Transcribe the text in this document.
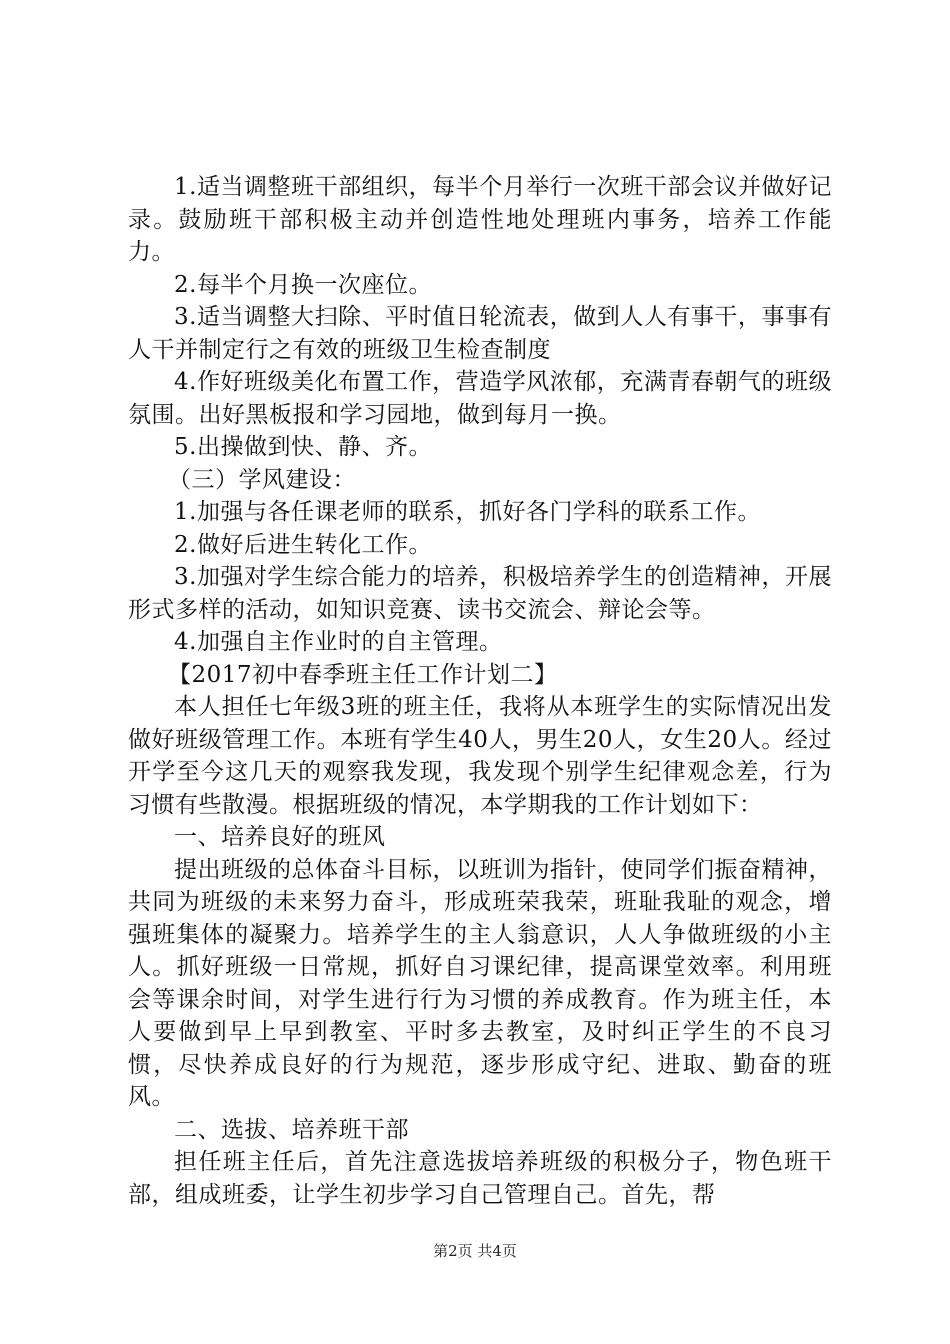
1.适当调整班干部组织，每半个月举行一次班干部会议并做好记录。鼓励班干部积极主动并创造性地处理班内事务，培养工作能力。

2.每半个月换一次座位。

3.适当调整大扫除、平时值日轮流表，做到人人有事干，事事有人干并制定行之有效的班级卫生检查制度

4.作好班级美化布置工作，营造学风浓郁，充满青春朝气的班级氛围。出好黑板报和学习园地，做到每月一换。

5.出操做到快、静、齐。

（三）学风建设：

1.加强与各任课老师的联系，抓好各门学科的联系工作。

2.做好后进生转化工作。

3.加强对学生综合能力的培养，积极培养学生的创造精神，开展形式多样的活动，如知识竞赛、读书交流会、辩论会等。

4.加强自主作业时的自主管理。

【2017初中春季班主任工作计划二】

本人担任七年级3班的班主任，我将从本班学生的实际情况出发做好班级管理工作。本班有学生40人，男生20人，女生20人。经过开学至今这几天的观察我发现，我发现个别学生纪律观念差，行为习惯有些散漫。根据班级的情况，本学期我的工作计划如下：

一、培养良好的班风

提出班级的总体奋斗目标，以班训为指针，使同学们振奋精神，共同为班级的未来努力奋斗，形成班荣我荣，班耻我耻的观念，增强班集体的凝聚力。培养学生的主人翁意识，人人争做班级的小主人。抓好班级一日常规，抓好自习课纪律，提高课堂效率。利用班会等课余时间，对学生进行行为习惯的养成教育。作为班主任，本人要做到早上早到教室、平时多去教室，及时纠正学生的不良习惯，尽快养成良好的行为规范，逐步形成守纪、进取、勤奋的班风。

二、选拔、培养班干部

担任班主任后，首先注意选拔培养班级的积极分子，物色班干部，组成班委，让学生初步学习自己管理自己。首先，帮

第2页 共4页
